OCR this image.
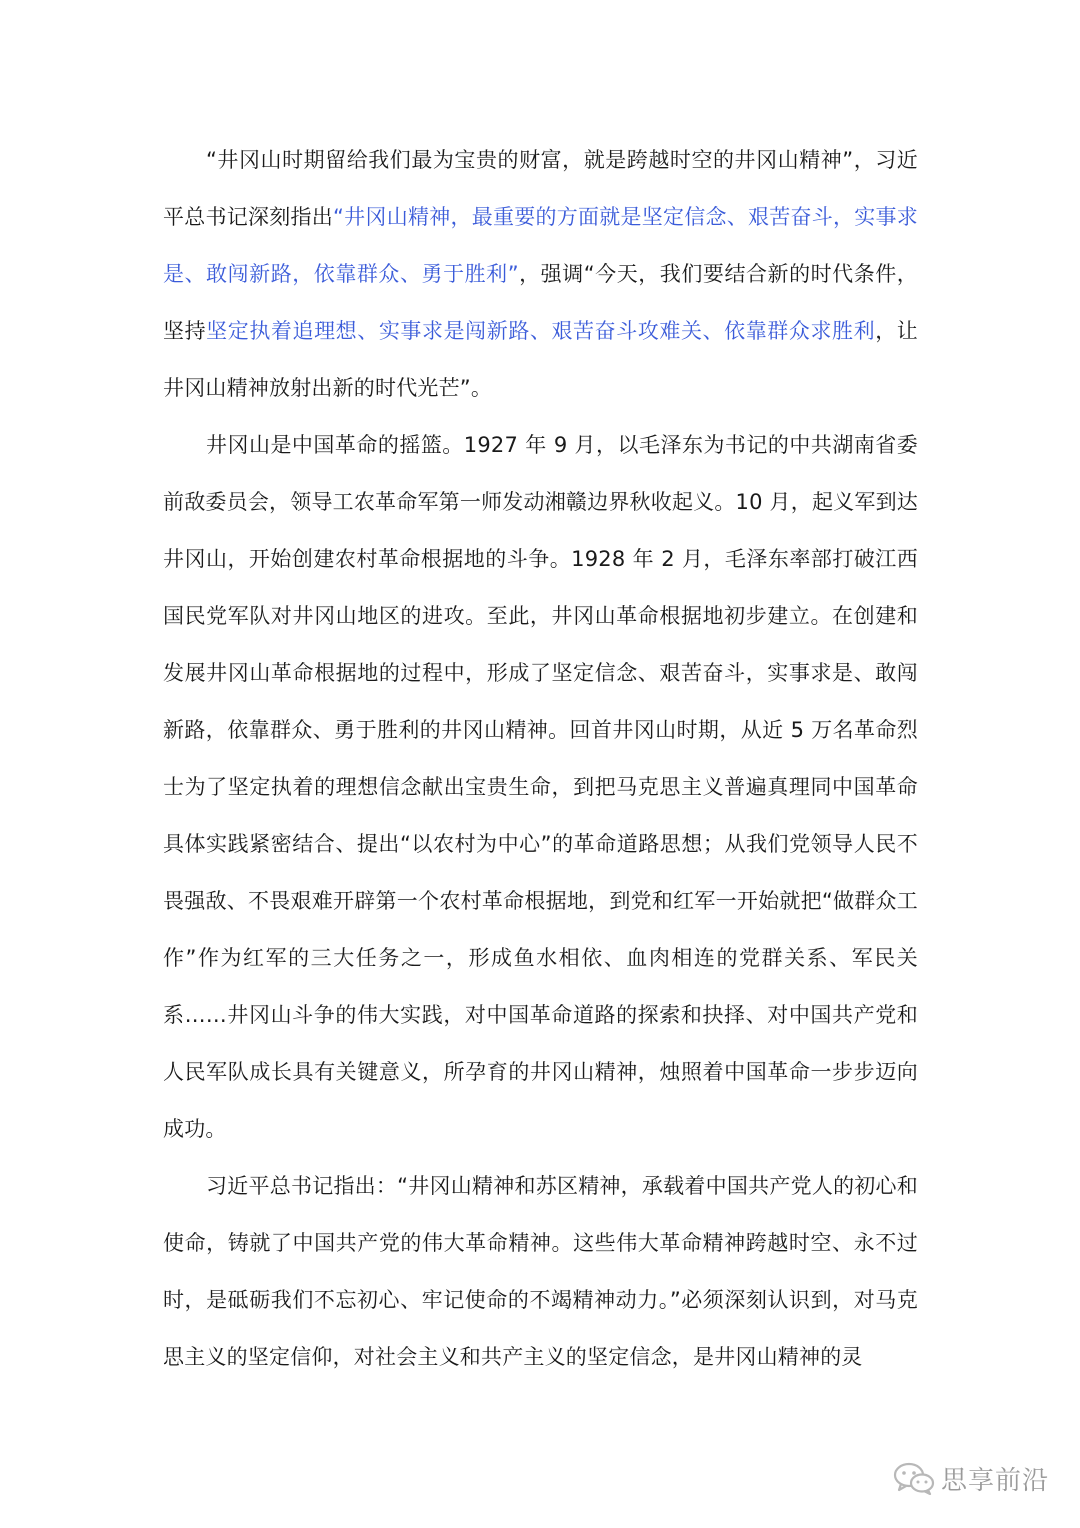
“井冈山时期留给我们最为宝贵的财富，就是跨越时空的井冈山精神”，习近平总书记深刻指出“井冈山精神，最重要的方面就是坚定信念、艰苦奋斗，实事求是、敢闯新路，依靠群众、勇于胜利”，强调“今天，我们要结合新的时代条件，坚持坚定执着追理想、实事求是闯新路、艰苦奋斗攻难关、依靠群众求胜利，让井冈山精神放射出新的时代光芒”。

井冈山是中国革命的摇篮。1927 年 9 月，以毛泽东为书记的中共湖南省委前敌委员会，领导工农革命军第一师发动湘赣边界秋收起义。10 月，起义军到达井冈山，开始创建农村革命根据地的斗争。1928 年 2 月，毛泽东率部打破江西国民党军队对井冈山地区的进攻。至此，井冈山革命根据地初步建立。在创建和发展井冈山革命根据地的过程中，形成了坚定信念、艰苦奋斗，实事求是、敢闯新路，依靠群众、勇于胜利的井冈山精神。回首井冈山时期，从近 5 万名革命烈士为了坚定执着的理想信念献出宝贵生命，到把马克思主义普遍真理同中国革命具体实践紧密结合、提出“以农村为中心”的革命道路思想；从我们党领导人民不畏强敌、不畏艰难开辟第一个农村革命根据地，到党和红军一开始就把“做群众工作”作为红军的三大任务之一，形成鱼水相依、血肉相连的党群关系、军民关系……井冈山斗争的伟大实践，对中国革命道路的探索和抉择、对中国共产党和人民军队成长具有关键意义，所孕育的井冈山精神，烛照着中国革命一步步迈向成功。

习近平总书记指出：“井冈山精神和苏区精神，承载着中国共产党人的初心和使命，铸就了中国共产党的伟大革命精神。这些伟大革命精神跨越时空、永不过时，是砥砺我们不忘初心、牢记使命的不竭精神动力。”必须深刻认识到，对马克思主义的坚定信仰，对社会主义和共产主义的坚定信念，是井冈山精神的灵

思享前沿
